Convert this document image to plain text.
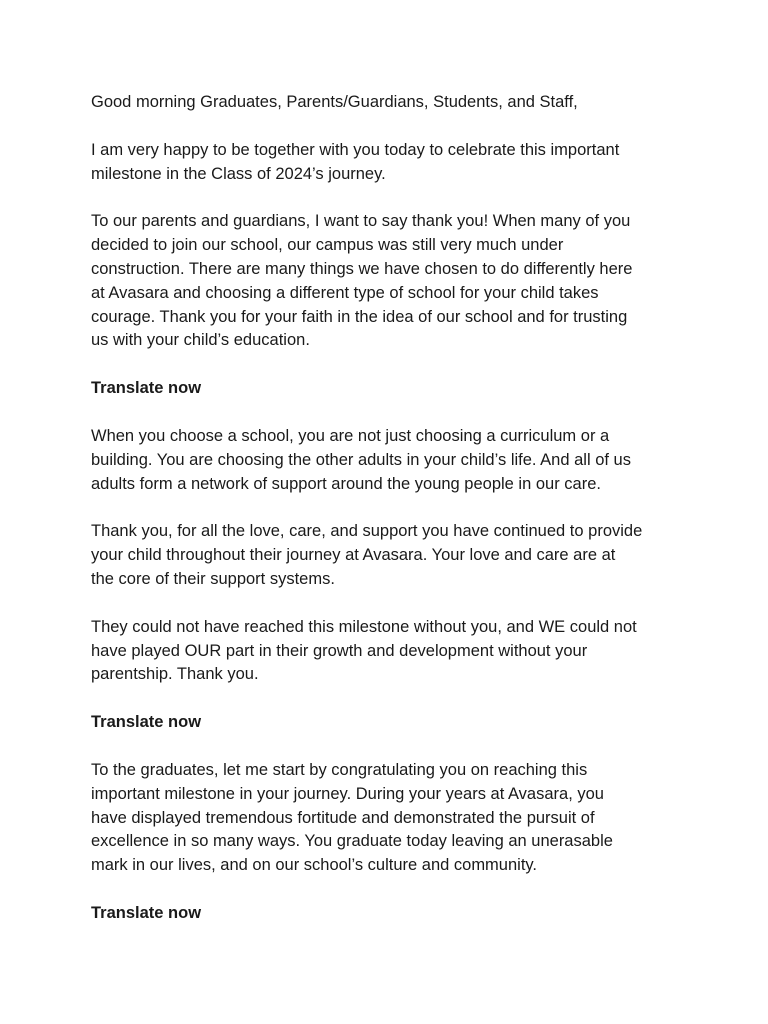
Good morning Graduates, Parents/Guardians, Students, and Staff,

I am very happy to be together with you today to celebrate this important
milestone in the Class of 2024’s journey.

To our parents and guardians, I want to say thank you! When many of you
decided to join our school, our campus was still very much under
construction. There are many things we have chosen to do differently here
at Avasara and choosing a different type of school for your child takes
courage. Thank you for your faith in the idea of our school and for trusting
us with your child’s education.

Translate now

When you choose a school, you are not just choosing a curriculum or a
building. You are choosing the other adults in your child’s life. And all of us
adults form a network of support around the young people in our care.

Thank you, for all the love, care, and support you have continued to provide
your child throughout their journey at Avasara. Your love and care are at
the core of their support systems.

They could not have reached this milestone without you, and WE could not
have played OUR part in their growth and development without your
parentship. Thank you.

Translate now

To the graduates, let me start by congratulating you on reaching this
important milestone in your journey. During your years at Avasara, you
have displayed tremendous fortitude and demonstrated the pursuit of
excellence in so many ways. You graduate today leaving an unerasable
mark in our lives, and on our school’s culture and community.

Translate now
